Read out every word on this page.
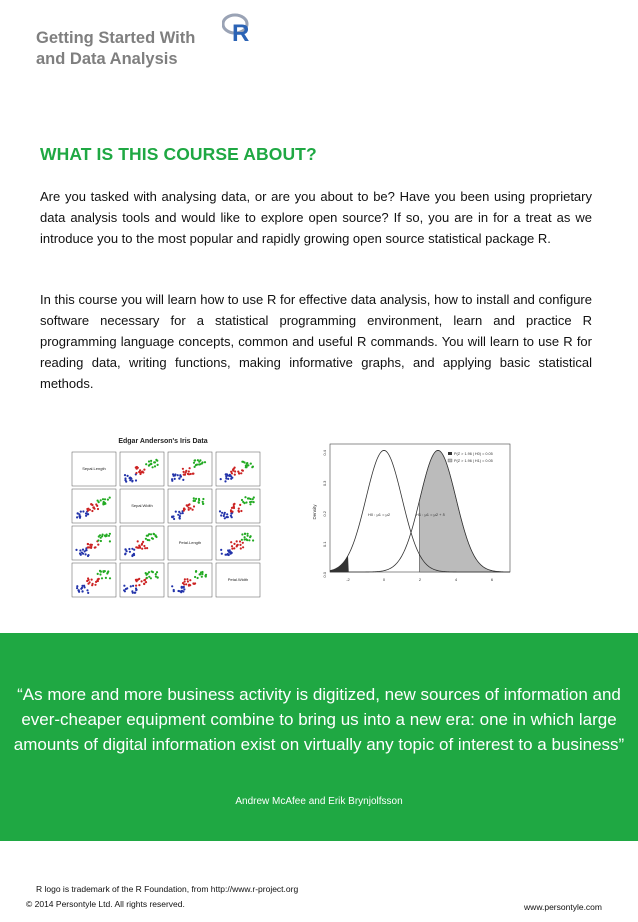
Getting Started With
and Data Analysis
R
WHAT IS THIS COURSE ABOUT?

Are you tasked with analysing data, or are you about to be? Have you been using proprietary data analysis tools and would like to explore open source? If so, you are in for a treat as we introduce you to the most popular and rapidly growing open source statistical package R.

In this course you will learn how to use R for effective data analysis, how to install and configure software necessary for a statistical programming environment, learn and practice R programming language concepts, common and useful R commands. You will learn to use R for reading data, writing functions, making informative graphs, and applying basic statistical methods.

Edgar Anderson's Iris Data
Sepal.Length
Sepal.Width
Petal.Length
Petal.Width
Density
-2	0	2	4	6
0.0
0.1
0.2
0.3
0.4
H0 : μ1 = μ2	H1 : μ1 = μ2 + δ
P(Z > 1.96 | H0) = 0.05
P(Z > 1.96 | H1) = 0.05

“As more and more business activity is digitized, new sources of information and ever-cheaper equipment combine to bring us into a new era: one in which large amounts of digital information exist on virtually any topic of interest to a business”

Andrew McAfee and Erik Brynjolfsson
R logo is trademark of the R Foundation, from http://www.r-project.org
© 2014 Persontyle Ltd. All rights reserved.	www.persontyle.com
